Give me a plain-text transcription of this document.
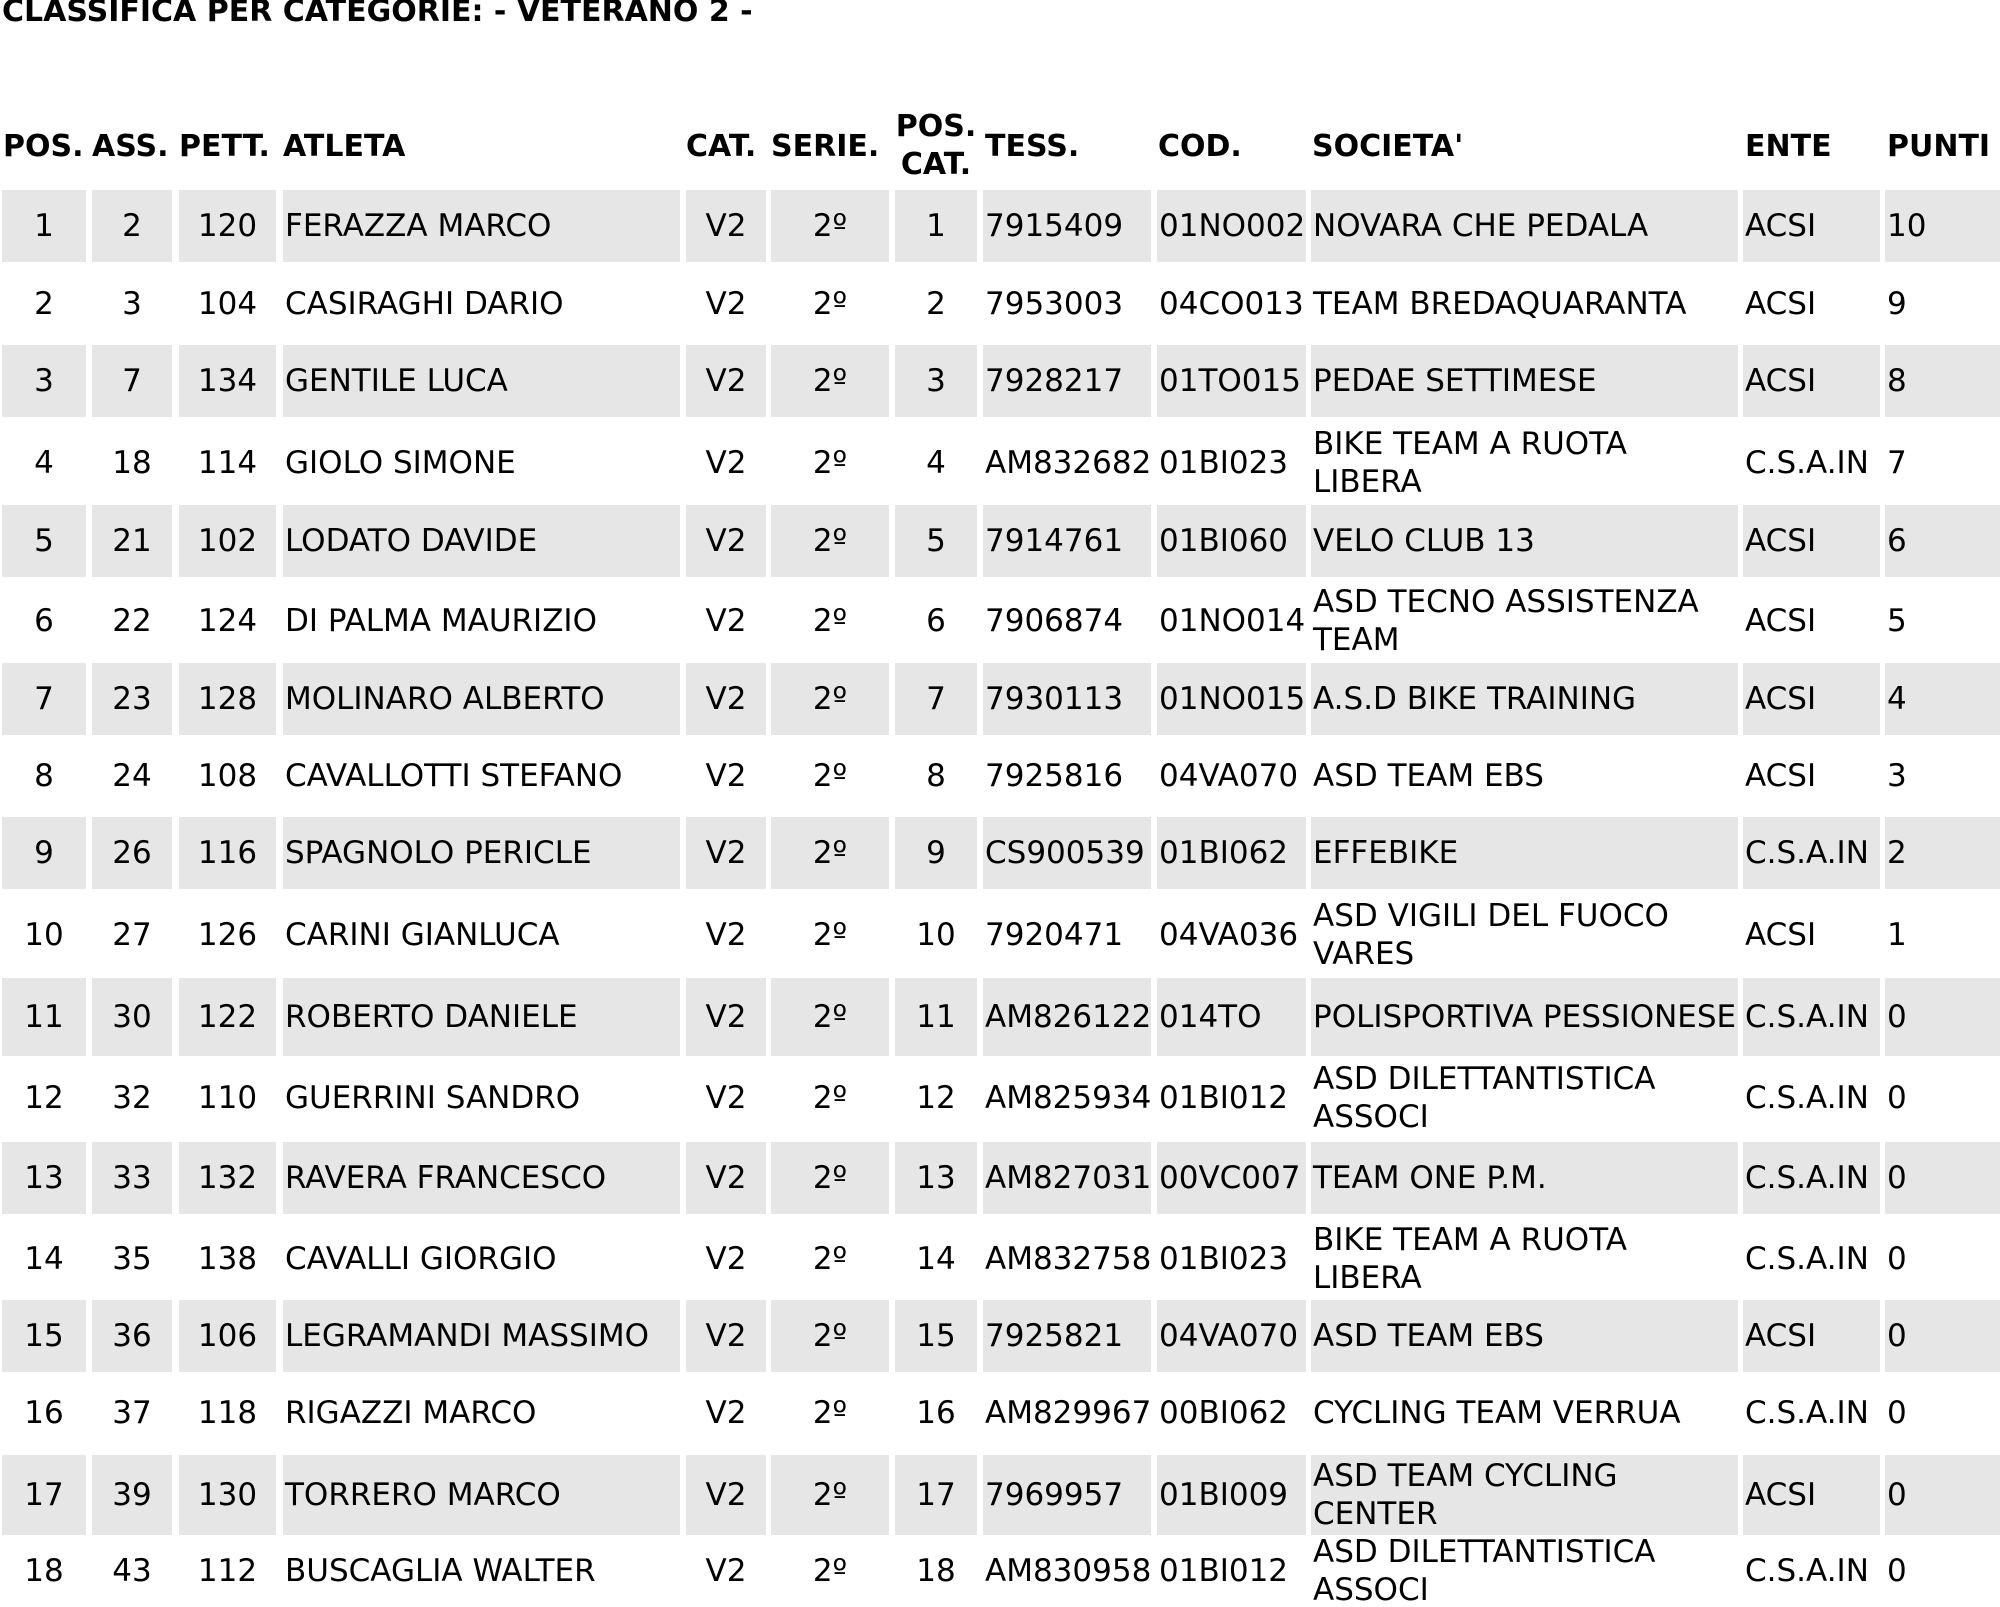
CLASSIFICA PER CATEGORIE: - VETERANO 2 -
POS. ASS. PETT. ATLETA	CAT. SERIE.
POS.
CAT.
TESS.	COD. SOCIETA'	ENTE PUNTI
1 2 120 FERAZZA MARCO	V2 2º	1 7915409 01NO002 NOVARA CHE PEDALA	ACSI 10
2 3 104 CASIRAGHI DARIO	V2 2º	2 7953003 04CO013 TEAM BREDAQUARANTA ACSI 9
3 7 134 GENTILE LUCA	V2 2º	3 7928217 01TO015 PEDAE SETTIMESE	ACSI 8
4 18 114 GIOLO SIMONE	V2 2º	4 AM832682 01BI023
BIKE TEAM A RUOTA LIBERA
C.S.A.IN 7
5 21 102 LODATO DAVIDE	V2 2º	5 7914761 01BI060 VELO CLUB 13	ACSI 6
6 22 124 DI PALMA MAURIZIO	V2 2º	6 7906874 01NO014
ASD TECNO ASSISTENZA TEAM
ACSI 5
7 23 128 MOLINARO ALBERTO	V2 2º	7 7930113 01NO015 A.S.D BIKE TRAINING	ACSI 4
8 24 108 CAVALLOTTI STEFANO	V2 2º	8 7925816 04VA070 ASD TEAM EBS	ACSI 3
9 26 116 SPAGNOLO PERICLE	V2 2º	9 CS900539 01BI062 EFFEBIKE	C.S.A.IN 2
10 27 126 CARINI GIANLUCA	V2 2º 10 7920471 04VA036
ASD VIGILI DEL FUOCO VARES
ACSI 1
11 30 122 ROBERTO DANIELE	V2 2º 11 AM826122 014TO POLISPORTIVA PESSIONESE C.S.A.IN 0
12 32 110 GUERRINI SANDRO	V2 2º 12 AM825934 01BI012
ASD DILETTANTISTICA ASSOCI
C.S.A.IN 0
13 33 132 RAVERA FRANCESCO	V2 2º 13 AM827031 00VC007 TEAM ONE P.M.	C.S.A.IN 0
14 35 138 CAVALLI GIORGIO	V2 2º 14 AM832758 01BI023
BIKE TEAM A RUOTA LIBERA
C.S.A.IN 0
15 36 106 LEGRAMANDI MASSIMO V2 2º 15 7925821 04VA070 ASD TEAM EBS	ACSI 0
16 37 118 RIGAZZI MARCO	V2 2º 16 AM829967 00BI062 CYCLING TEAM VERRUA C.S.A.IN 0
17 39 130 TORRERO MARCO	V2 2º 17 7969957 01BI009
ASD TEAM CYCLING CENTER
ACSI 0
18 43 112 BUSCAGLIA WALTER	V2 2º 18 AM830958 01BI012
ASD DILETTANTISTICA ASSOCI
C.S.A.IN 0
